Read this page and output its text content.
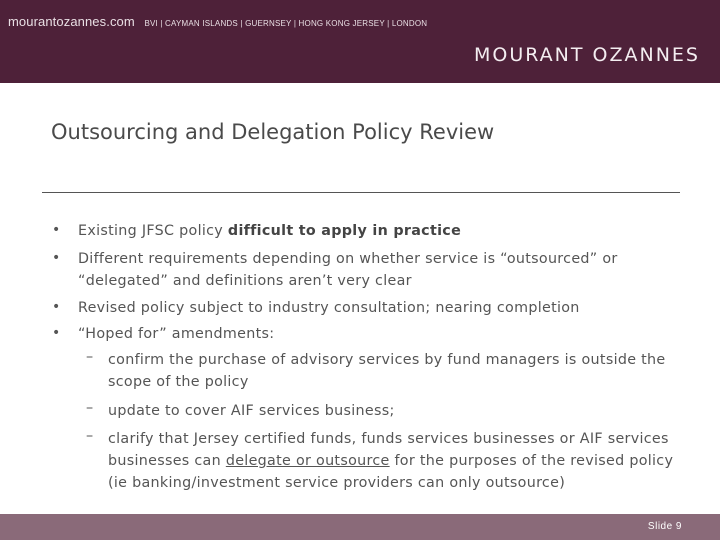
mourantozannes.com BVI | CAYMAN ISLANDS | GUERNSEY | HONG KONG JERSEY | LONDON
MOURANT OZANNES
Outsourcing and Delegation Policy Review
• Existing JFSC policy difficult to apply in practice
• Different requirements depending on whether service is “outsourced” or “delegated” and definitions aren’t very clear
• Revised policy subject to industry consultation; nearing completion
• “Hoped for” amendments:
– confirm the purchase of advisory services by fund managers is outside the scope of the policy
– update to cover AIF services business;
– clarify that Jersey certified funds, funds services businesses or AIF services businesses can delegate or outsource for the purposes of the revised policy (ie banking/investment service providers can only outsource)
Slide 9
